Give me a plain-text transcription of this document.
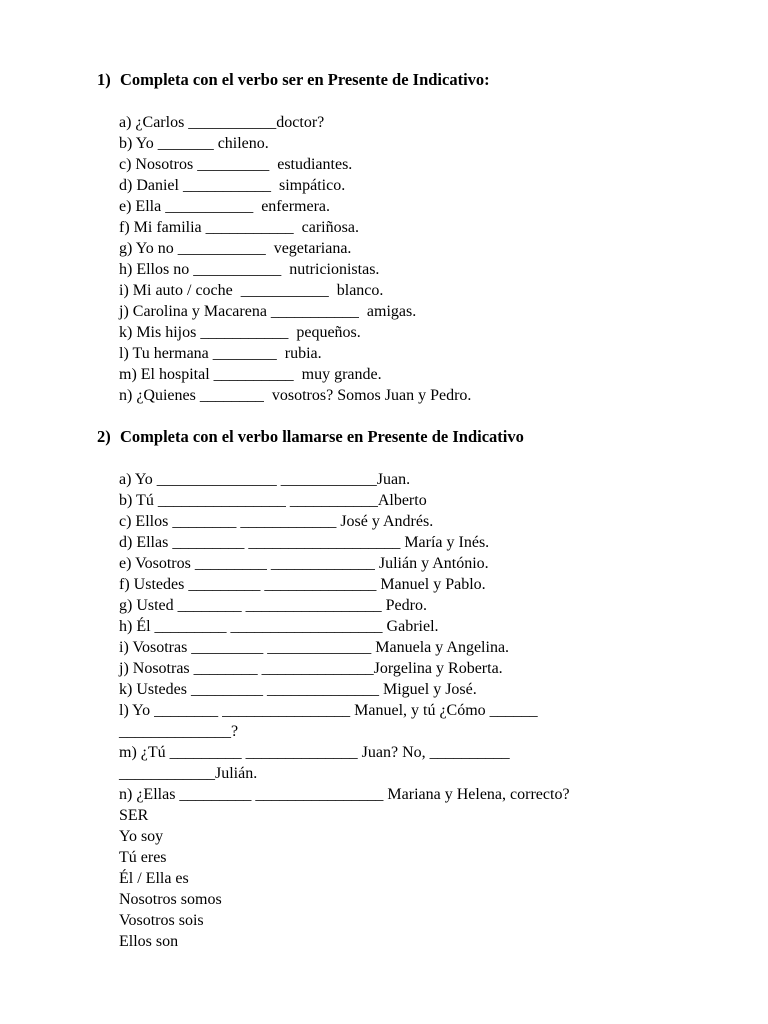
1) Completa con el verbo ser en Presente de Indicativo:
a) ¿Carlos ___________doctor?
b) Yo _______ chileno.
c) Nosotros _________  estudiantes.
d) Daniel ___________  simpático.
e) Ella ___________  enfermera.
f) Mi familia ___________  cariñosa.
g) Yo no ___________  vegetariana.
h) Ellos no ___________  nutricionistas.
i) Mi auto / coche  ___________  blanco.
j) Carolina y Macarena ___________  amigas.
k) Mis hijos ___________  pequeños.
l) Tu hermana ________  rubia.
m) El hospital __________  muy grande.
n) ¿Quienes ________  vosotros? Somos Juan y Pedro.
2) Completa con el verbo llamarse en Presente de Indicativo
a) Yo _______________ ____________Juan.
b) Tú ________________ ___________Alberto
c) Ellos ________ ____________ José y Andrés.
d) Ellas _________ ___________________ María y Inés.
e) Vosotros _________ _____________ Julián y António.
f) Ustedes _________ ______________ Manuel y Pablo.
g) Usted ________ _________________ Pedro.
h) Él _________ ___________________ Gabriel.
i) Vosotras _________ _____________ Manuela y Angelina.
j) Nosotras ________ ______________Jorgelina y Roberta.
k) Ustedes _________ ______________ Miguel y José.
l) Yo ________ ________________ Manuel, y tú ¿Cómo ______
______________?
m) ¿Tú _________ ______________ Juan? No, __________
____________Julián.
n) ¿Ellas _________ ________________ Mariana y Helena, correcto?
SER
Yo soy
Tú eres
Él / Ella es
Nosotros somos
Vosotros sois
Ellos son
